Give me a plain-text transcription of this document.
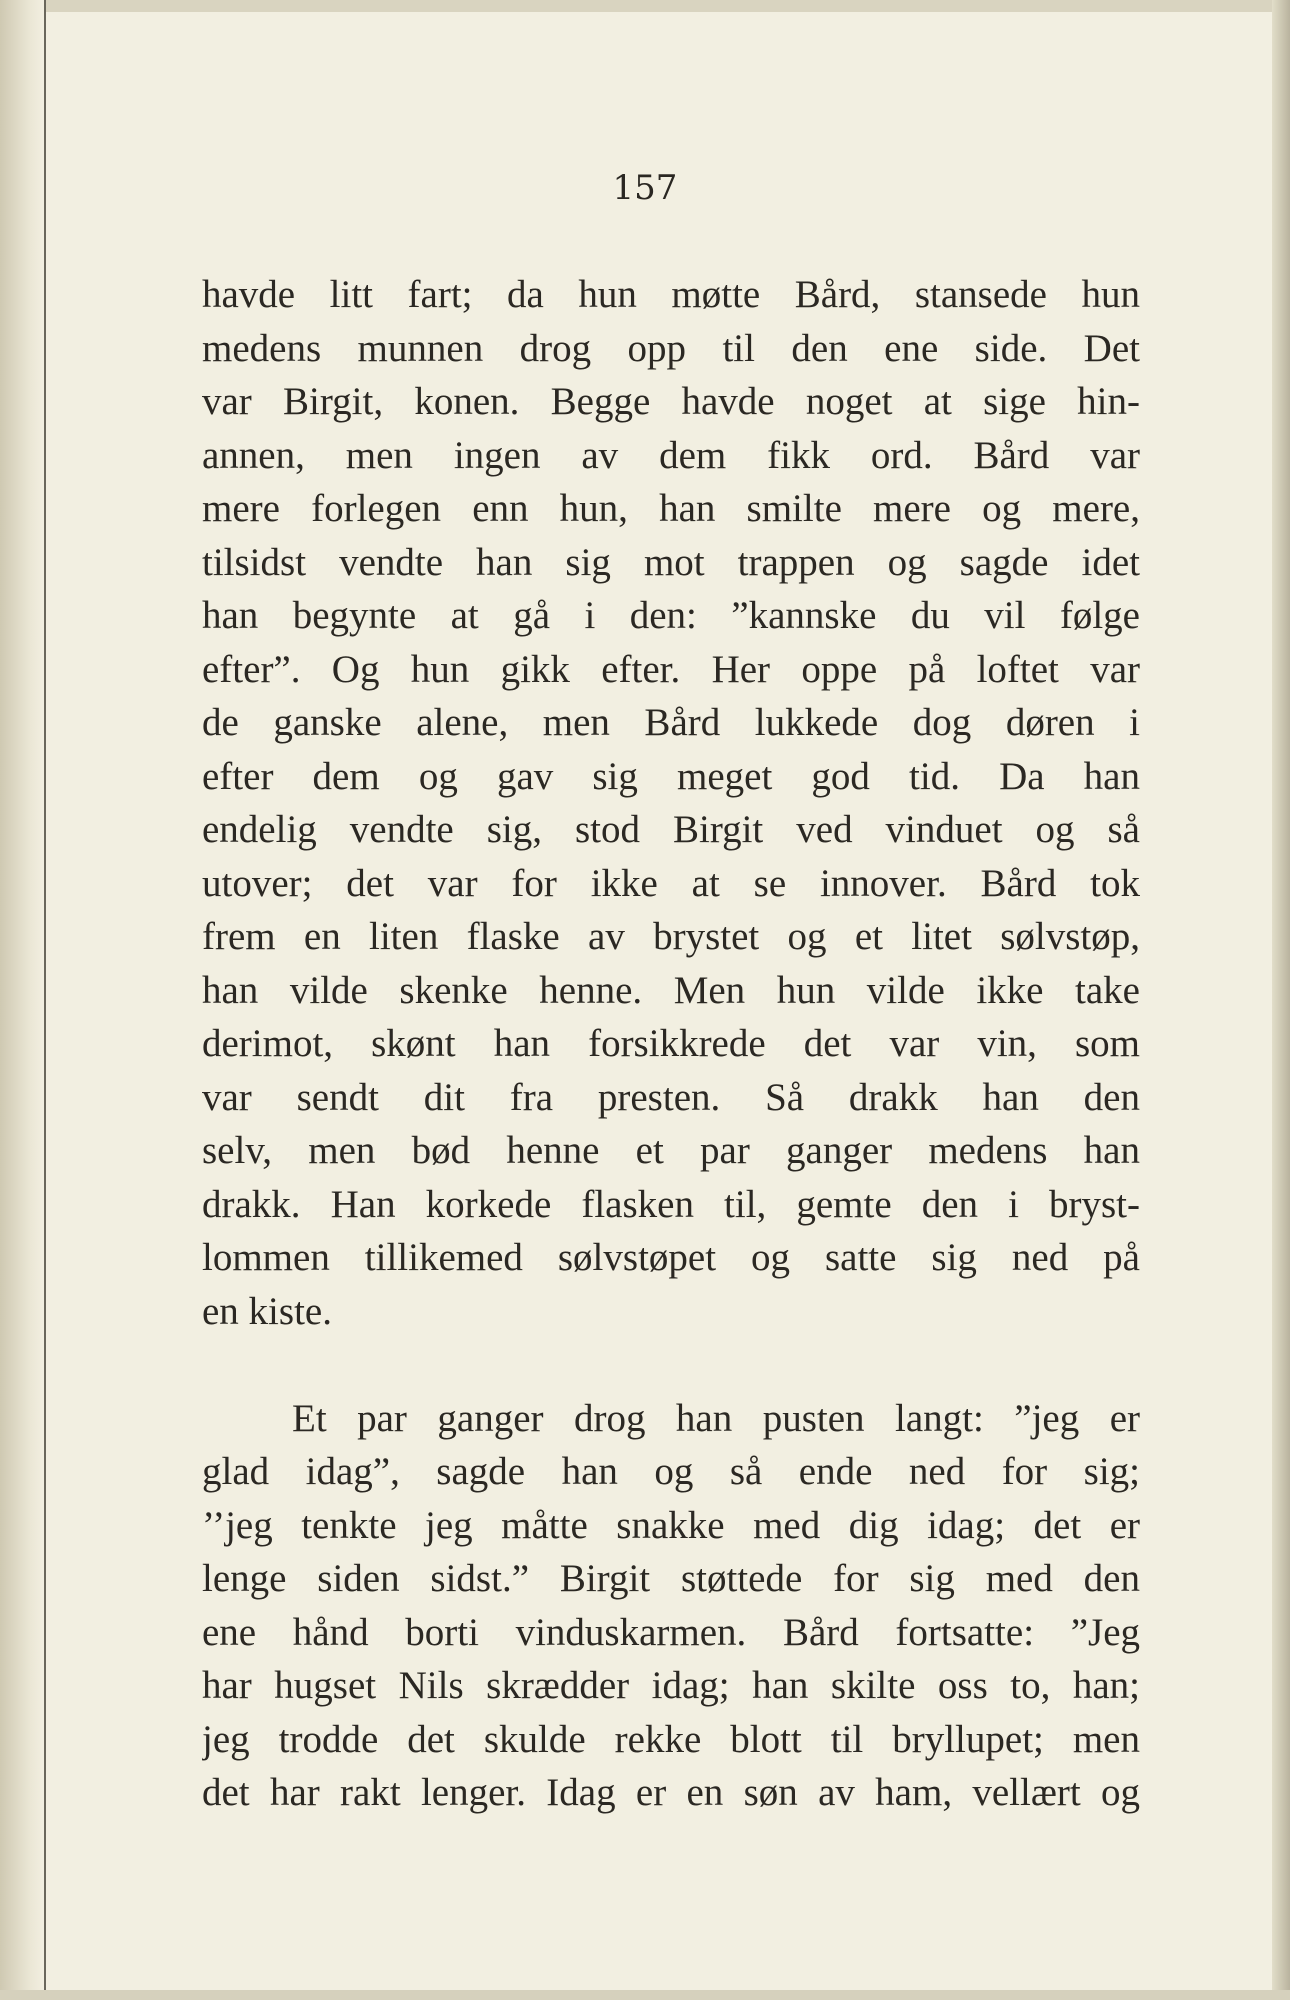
157
havde litt fart; da hun møtte Bård, stansede hun
medens munnen drog opp til den ene side. Det
var Birgit, konen. Begge havde noget at sige hin-
annen, men ingen av dem fikk ord. Bård var
mere forlegen enn hun, han smilte mere og mere,
tilsidst vendte han sig mot trappen og sagde idet
han begynte at gå i den: ”kannske du vil følge
efter”. Og hun gikk efter. Her oppe på loftet var
de ganske alene, men Bård lukkede dog døren i
efter dem og gav sig meget god tid. Da han
endelig vendte sig, stod Birgit ved vinduet og så
utover; det var for ikke at se innover. Bård tok
frem en liten flaske av brystet og et litet sølvstøp,
han vilde skenke henne. Men hun vilde ikke take
derimot, skønt han forsikkrede det var vin, som
var sendt dit fra presten. Så drakk han den
selv, men bød henne et par ganger medens han
drakk. Han korkede flasken til, gemte den i bryst-
lommen tillikemed sølvstøpet og satte sig ned på
en kiste.
Et par ganger drog han pusten langt: ”jeg er
glad idag”, sagde han og så ende ned for sig;
’’jeg tenkte jeg måtte snakke med dig idag; det er
lenge siden sidst.” Birgit støttede for sig med den
ene hånd borti vinduskarmen. Bård fortsatte: ”Jeg
har hugset Nils skrædder idag; han skilte oss to, han;
jeg trodde det skulde rekke blott til bryllupet; men
det har rakt lenger. Idag er en søn av ham, vellært og
